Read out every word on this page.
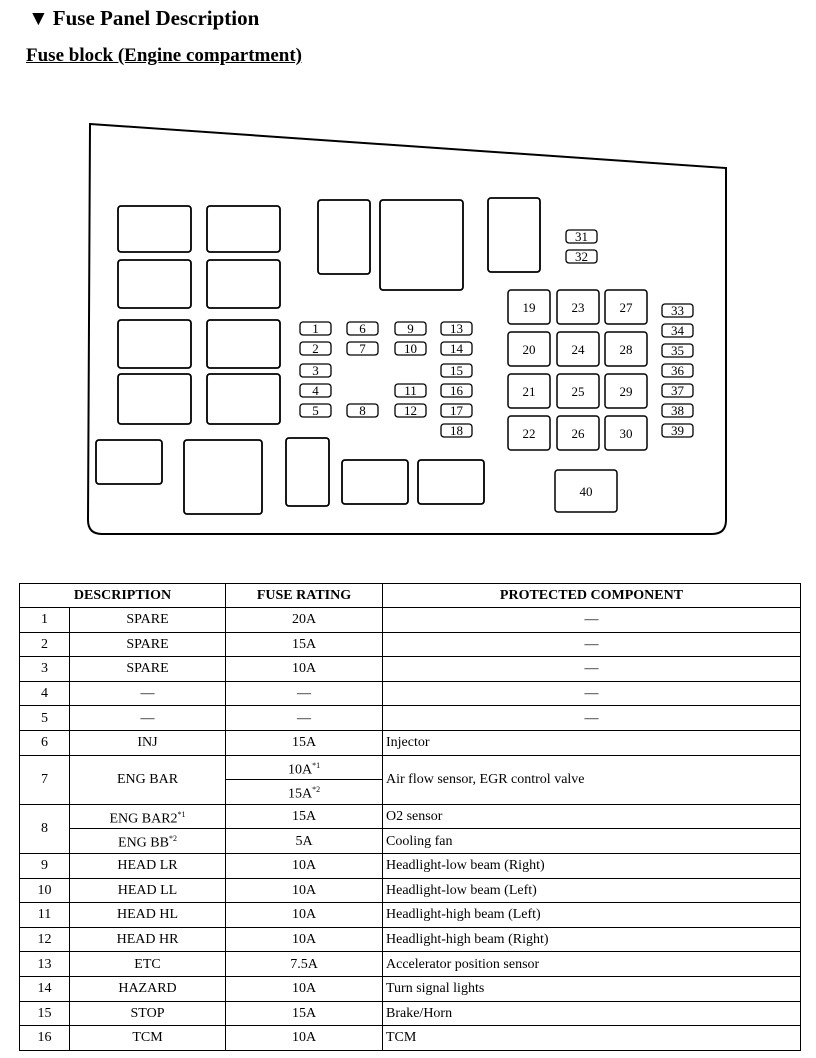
▼ Fuse Panel Description
Fuse block (Engine compartment)
31
32
1
2
3
4
5
6
7
8
9
10
11
12
13
14
15
16
17
18
33
34
35
36
37
38
39
19	23	27
20	24	28
21	25	29
22	26	30
40
DESCRIPTION		FUSE RATING	PROTECTED COMPONENT
1	SPARE	20A	—
2	SPARE	15A	—
3	SPARE	10A	—
4	—	—	—
5	—	—	—
6	INJ	15A	Injector
7	ENG BAR	$10A^{*1}$	Air flow sensor, EGR control valve
		$15A^{*2}$
8	ENG BAR2$^{*1}$	15A	O2 sensor
	ENG BB$^{*2}$	5A	Cooling fan
9	HEAD LR	10A	Headlight-low beam (Right)
10	HEAD LL	10A	Headlight-low beam (Left)
11	HEAD HL	10A	Headlight-high beam (Left)
12	HEAD HR	10A	Headlight-high beam (Right)
13	ETC	7.5A	Accelerator position sensor
14	HAZARD	10A	Turn signal lights
15	STOP	15A	Brake/Horn
16	TCM	10A	TCM
